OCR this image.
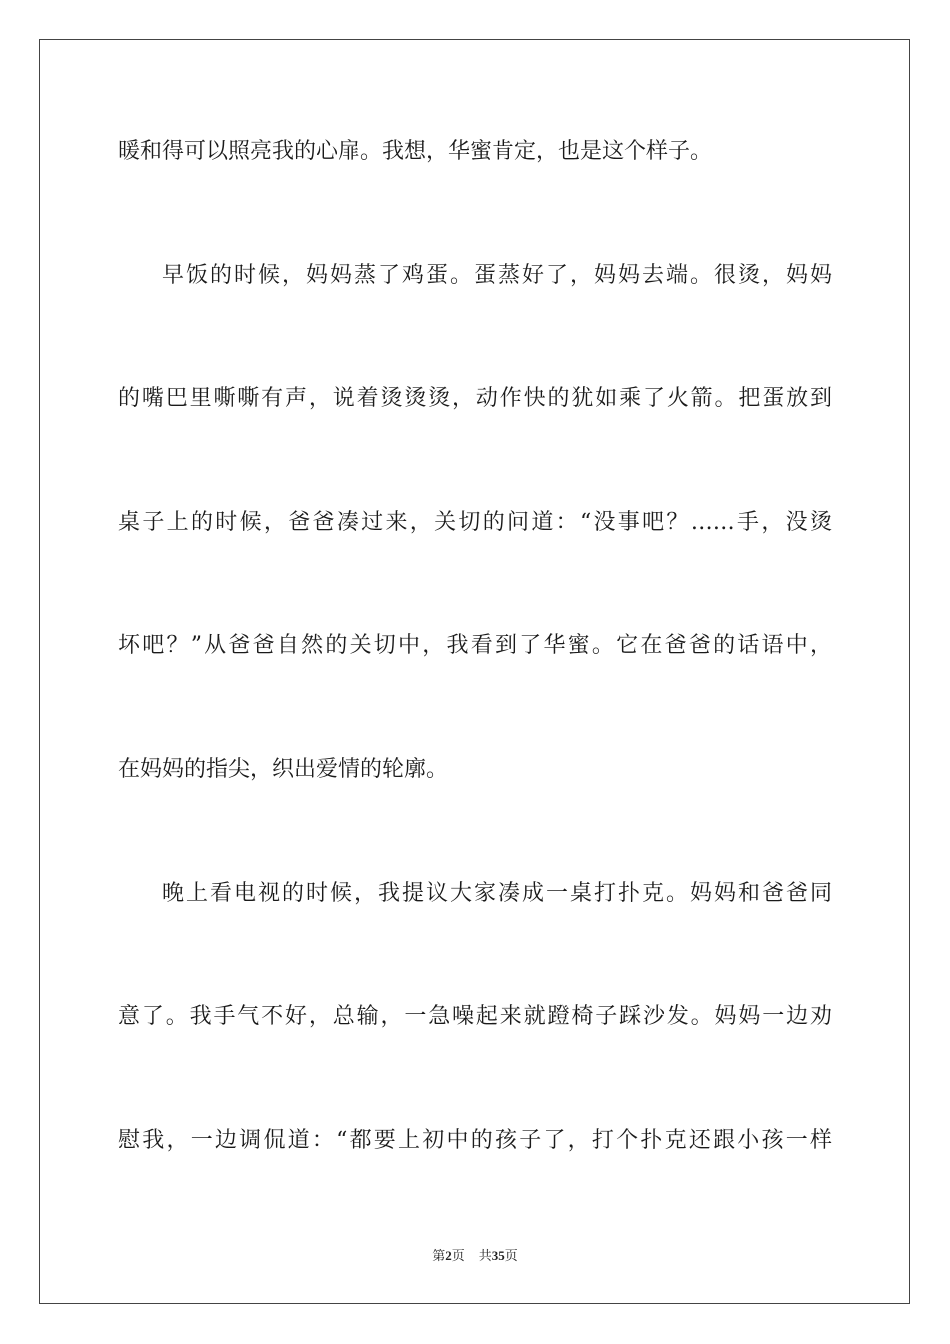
暖和得可以照亮我的心扉。我想，华蜜肯定，也是这个样子。
早饭的时候，妈妈蒸了鸡蛋。蛋蒸好了，妈妈去端。很烫，妈妈
的嘴巴里嘶嘶有声，说着烫烫烫，动作快的犹如乘了火箭。把蛋放到
桌子上的时候，爸爸凑过来，关切的问道：“没事吧？……手，没烫
坏吧？”从爸爸自然的关切中，我看到了华蜜。它在爸爸的话语中，
在妈妈的指尖，织出爱情的轮廓。
晚上看电视的时候，我提议大家凑成一桌打扑克。妈妈和爸爸同
意了。我手气不好，总输，一急噪起来就蹬椅子踩沙发。妈妈一边劝
慰我，一边调侃道：“都要上初中的孩子了，打个扑克还跟小孩一样
第2页 共35页
